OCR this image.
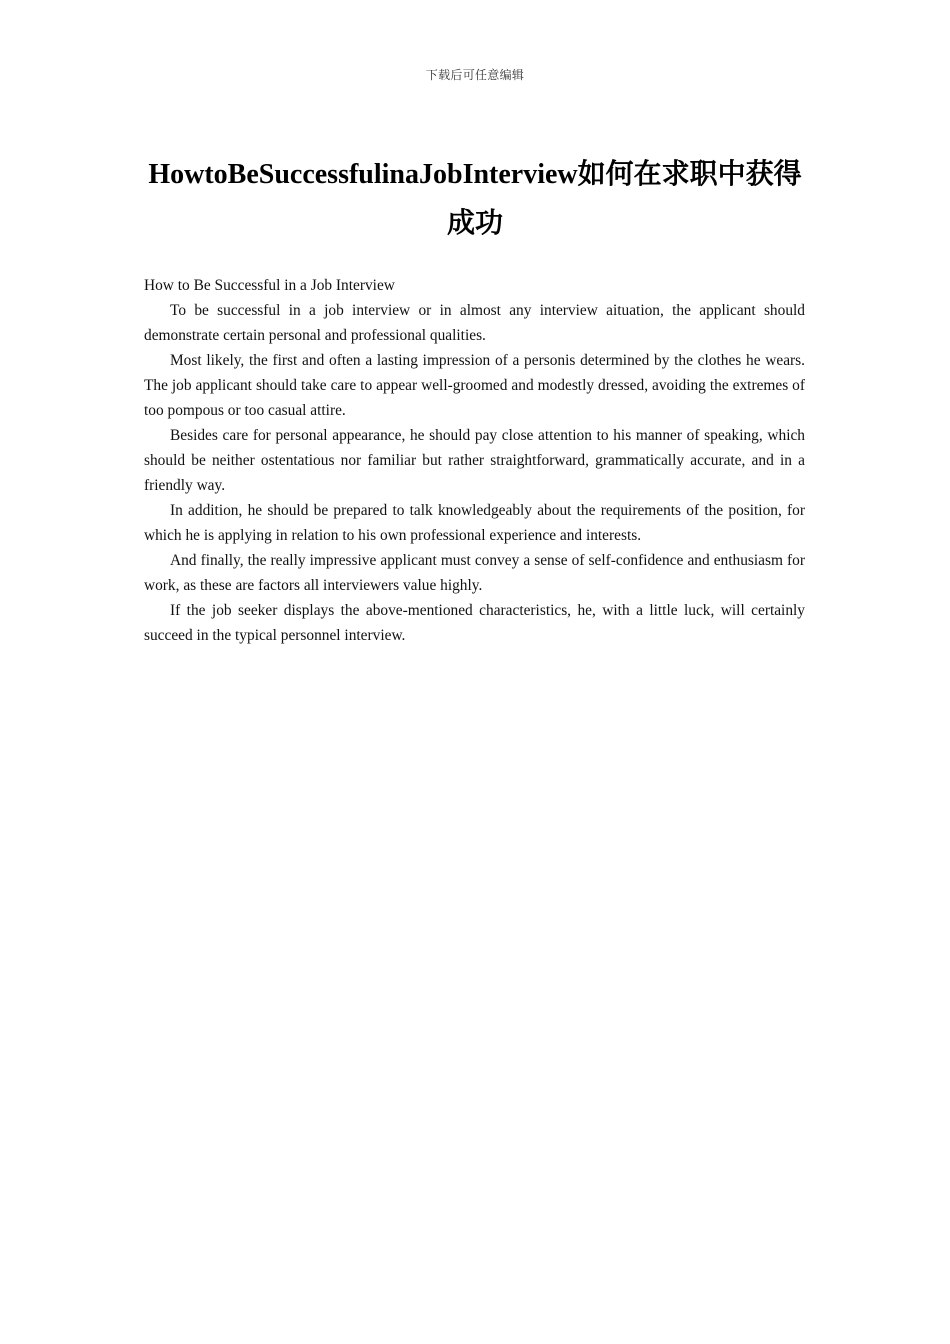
下载后可任意编辑
HowtoBeSuccessfulinaJobInterview如何在求职中获得成功

How to Be Successful in a Job Interview

To be successful in a job interview or in almost any interview aituation, the applicant should demonstrate certain personal and professional qualities.

Most likely, the first and often a lasting impression of a personis determined by the clothes he wears. The job applicant should take care to appear well-groomed and modestly dressed, avoiding the extremes of too pompous or too casual attire.

Besides care for personal appearance, he should pay close attention to his manner of speaking, which should be neither ostentatious nor familiar but rather straightforward, grammatically accurate, and in a friendly way.

In addition, he should be prepared to talk knowledgeably about the requirements of the position, for which he is applying in relation to his own professional experience and interests.

And finally, the really impressive applicant must convey a sense of self-confidence and enthusiasm for work, as these are factors all interviewers value highly.

If the job seeker displays the above-mentioned characteristics, he, with a little luck, will certainly succeed in the typical personnel interview.
